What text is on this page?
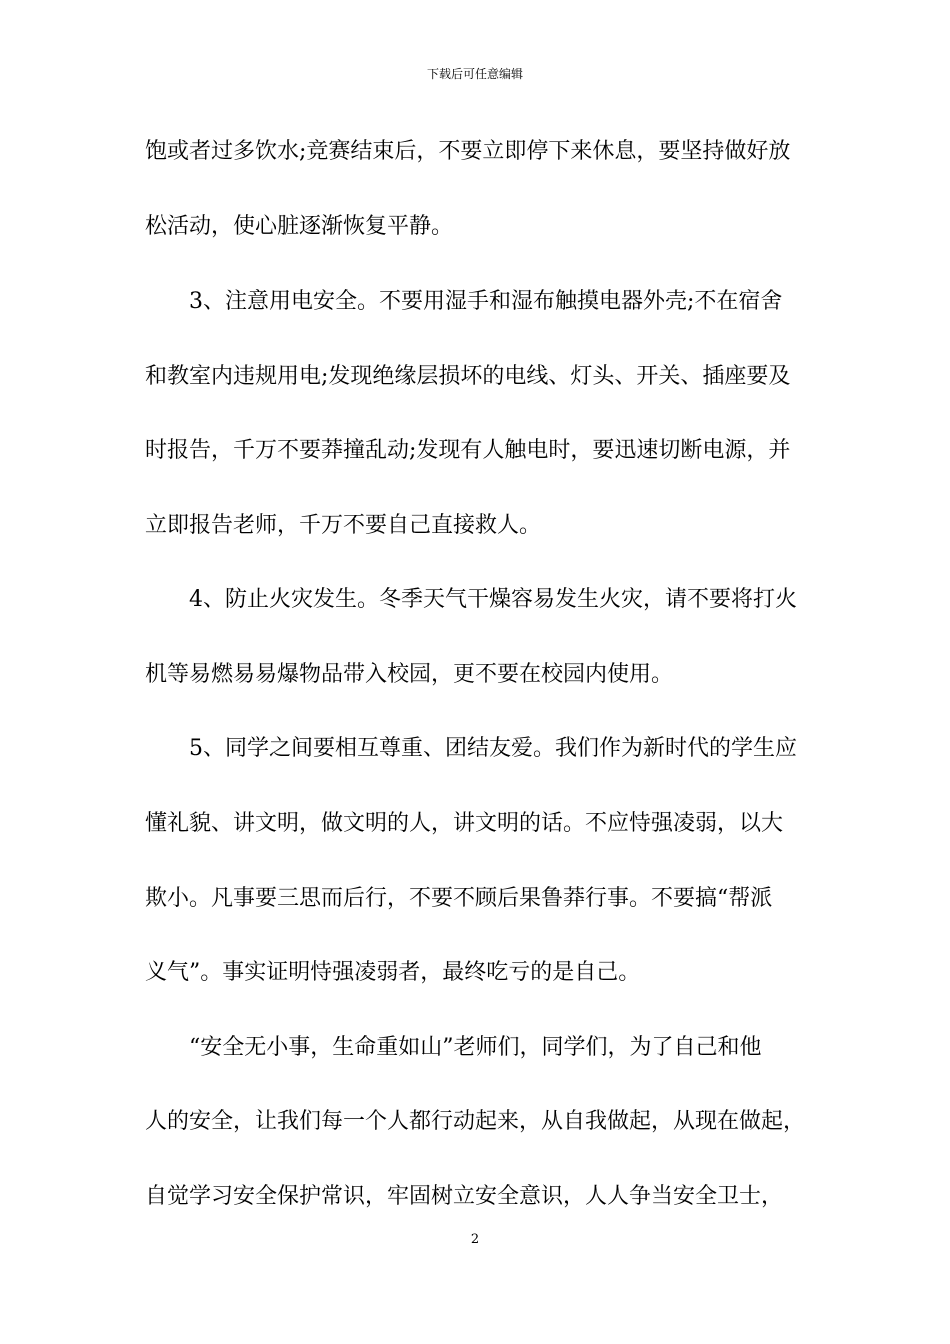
下载后可任意编辑
饱或者过多饮水;竞赛结束后，不要立即停下来休息，要坚持做好放
松活动，使心脏逐渐恢复平静。
　　3、注意用电安全。不要用湿手和湿布触摸电器外壳;不在宿舍
和教室内违规用电;发现绝缘层损坏的电线、灯头、开关、插座要及
时报告，千万不要莽撞乱动;发现有人触电时，要迅速切断电源，并
立即报告老师，千万不要自己直接救人。
　　4、防止火灾发生。冬季天气干燥容易发生火灾，请不要将打火
机等易燃易易爆物品带入校园，更不要在校园内使用。
　　5、同学之间要相互尊重、团结友爱。我们作为新时代的学生应
懂礼貌、讲文明，做文明的人，讲文明的话。不应恃强凌弱，以大
欺小。凡事要三思而后行，不要不顾后果鲁莽行事。不要搞“帮派
义气”。事实证明恃强凌弱者，最终吃亏的是自己。
　　“安全无小事，生命重如山”老师们，同学们，为了自己和他
人的安全，让我们每一个人都行动起来，从自我做起，从现在做起，
自觉学习安全保护常识，牢固树立安全意识，人人争当安全卫士，
2
